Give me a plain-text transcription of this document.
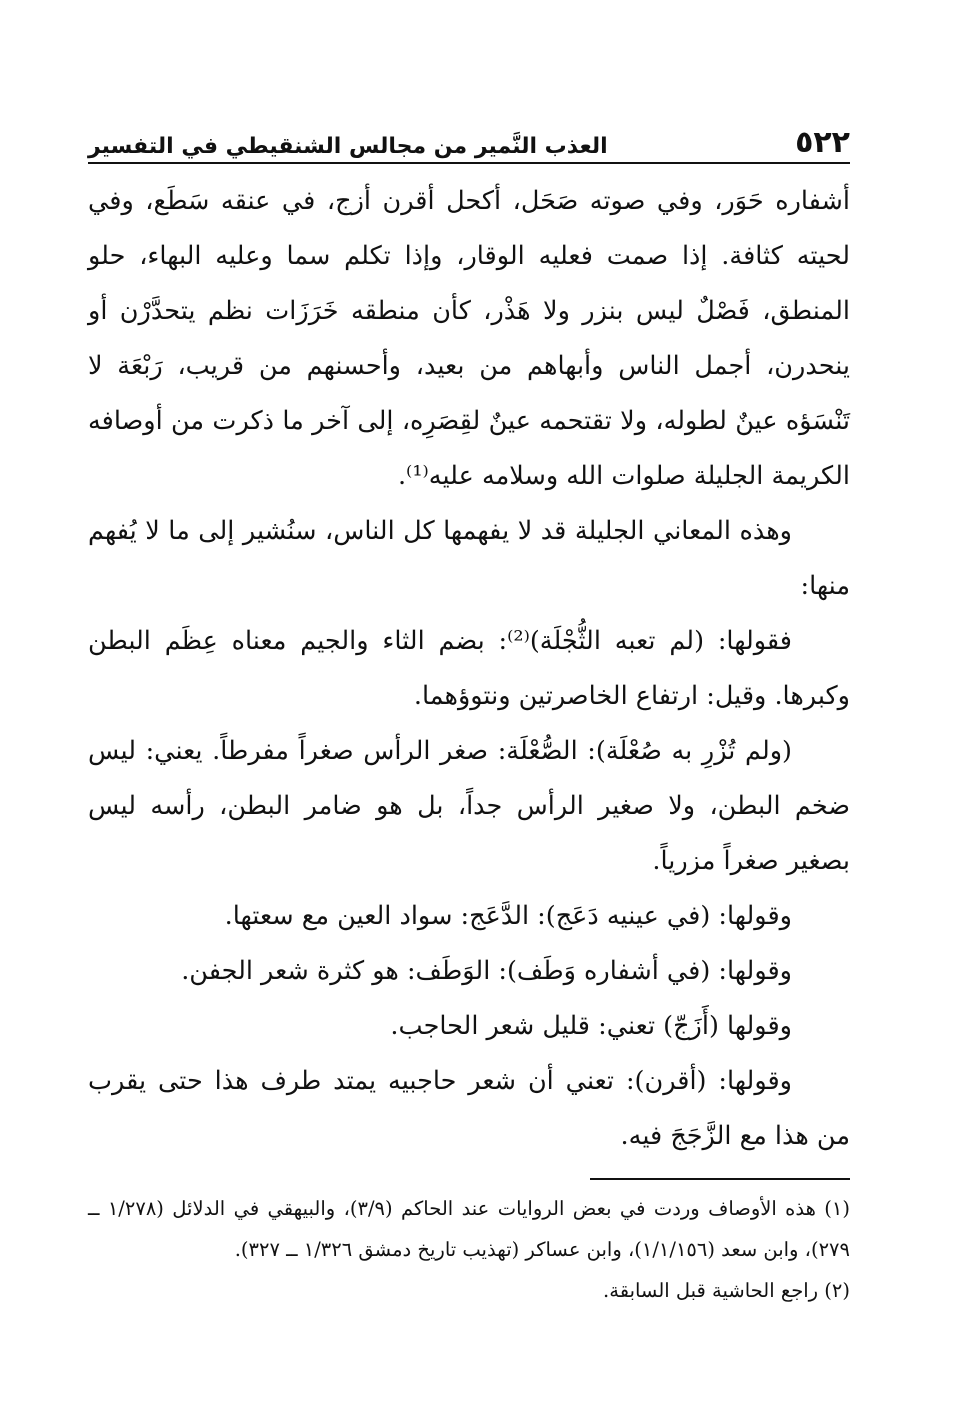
٥٢٢
العذب النَّمير من مجالس الشنقيطي في التفسير

أشفاره حَوَر، وفي صوته صَحَل، أكحل أقرن أزج، في عنقه سَطَع، وفي لحيته كثافة. إذا صمت فعليه الوقار، وإذا تكلم سما وعليه البهاء، حلو المنطق، فَصْلٌ ليس بنزر ولا هَذْر، كأن منطقه خَرَزَات نظم يتحدَّرْن أو ينحدرن، أجمل الناس وأبهاهم من بعيد، وأحسنهم من قريب، رَبْعَة لا تَنْسَؤه عينٌ لطوله، ولا تقتحمه عينٌ لقِصَرِه، إلى آخر ما ذكرت من أوصافه الكريمة الجليلة صلوات الله وسلامه عليه⁽¹⁾.

وهذه المعاني الجليلة قد لا يفهمها كل الناس، سنُشير إلى ما لا يُفهم منها:

فقولها: (لم تعبه الثُّجْلَة)⁽²⁾: بضم الثاء والجيم معناه عِظَم البطن وكبرها. وقيل: ارتفاع الخاصرتين ونتوؤهما.

(ولم تُزْرِ به صُعْلَة): الصُّعْلَة: صغر الرأس صغراً مفرطاً. يعني: ليس ضخم البطن، ولا صغير الرأس جداً، بل هو ضامر البطن، رأسه ليس بصغير صغراً مزرياً.

وقولها: (في عينيه دَعَج): الدَّعَج: سواد العين مع سعتها.

وقولها: (في أشفاره وَطَف): الوَطَف: هو كثرة شعر الجفن.

وقولها (أَزَجّ) تعني: قليل شعر الحاجب.

وقولها: (أقرن): تعني أن شعر حاجبيه يمتد طرف هذا حتى يقرب من هذا مع الزَّجَجَ فيه.

(١) هذه الأوصاف وردت في بعض الروايات عند الحاكم (٣/٩)، والبيهقي في الدلائل (١/٢٧٨ ــ ٢٧٩)، وابن سعد (١/١/١٥٦)، وابن عساكر (تهذيب تاريخ دمشق ١/٣٢٦ ــ ٣٢٧).

(٢) راجع الحاشية قبل السابقة.
